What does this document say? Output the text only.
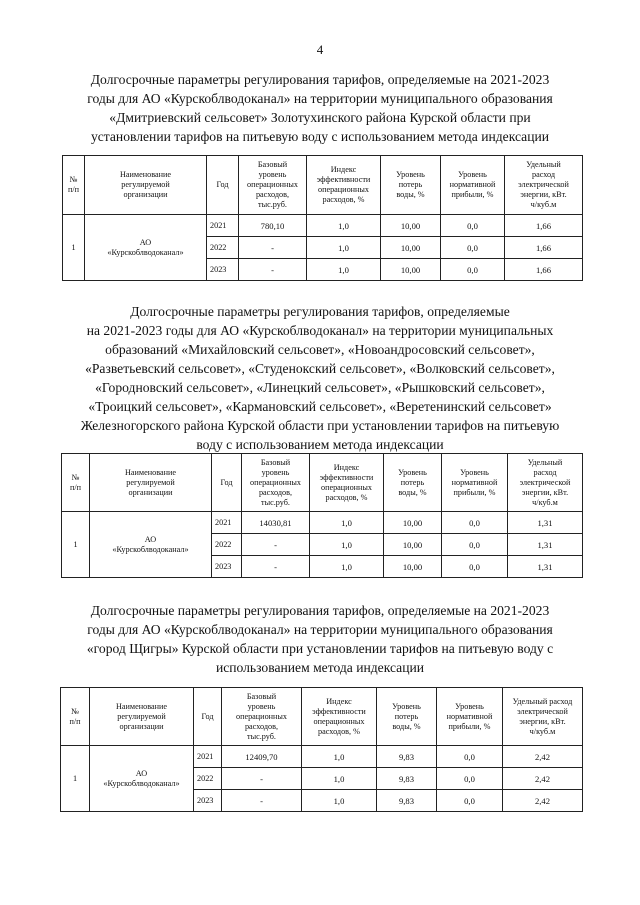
4
Долгосрочные параметры регулирования тарифов, определяемые на 2021-2023
годы для АО «Курскоблводоканал» на территории муниципального образования
«Дмитриевский сельсовет» Золотухинского района Курской области при
установлении тарифов на питьевую воду с использованием метода индексации
№
п/п	Наименование
регулируемой
организации	Год	Базовый
уровень
операционных
расходов,
тыс.руб.	Индекс
эффективности
операционных
расходов, %	Уровень
потерь
воды, %	Уровень
нормативной
прибыли, %	Удельный
расход
электрической
энергии, кВт.
ч/куб.м
1	АО
«Курскоблводоканал»	2021	780,10	1,0	10,00	0,0	1,66
		2022	-	1,0	10,00	0,0	1,66
		2023	-	1,0	10,00	0,0	1,66
Долгосрочные параметры регулирования тарифов, определяемые
на 2021-2023 годы для АО «Курскоблводоканал» на территории муниципальных
образований «Михайловский сельсовет», «Новоандросовский сельсовет»,
«Разветьевский сельсовет», «Студенокский сельсовет», «Волковский сельсовет»,
«Городновский сельсовет», «Линецкий сельсовет», «Рышковский сельсовет»,
«Троицкий сельсовет», «Кармановский сельсовет», «Веретенинский сельсовет»
Железногорского района Курской области при установлении тарифов на питьевую
воду с использованием метода индексации
№
п/п	Наименование
регулируемой
организации	Год	Базовый
уровень
операционных
расходов,
тыс.руб.	Индекс
эффективности
операционных
расходов, %	Уровень
потерь
воды, %	Уровень
нормативной
прибыли, %	Удельный
расход
электрической
энергии, кВт.
ч/куб.м
1	АО
«Курскоблводоканал»	2021	14030,81	1,0	10,00	0,0	1,31
		2022	-	1,0	10,00	0,0	1,31
		2023	-	1,0	10,00	0,0	1,31
Долгосрочные параметры регулирования тарифов, определяемые на 2021-2023
годы для АО «Курскоблводоканал» на территории муниципального образования
«город Щигры» Курской области при установлении тарифов на питьевую воду с
использованием метода индексации
№
п/п	Наименование
регулируемой
организации	Год	Базовый
уровень
операционных
расходов,
тыс.руб.	Индекс
эффективности
операционных
расходов, %	Уровень
потерь
воды, %	Уровень
нормативной
прибыли, %	Удельный расход
электрической
энергии, кВт.
ч/куб.м
1	АО
«Курскоблводоканал»	2021	12409,70	1,0	9,83	0,0	2,42
		2022	-	1,0	9,83	0,0	2,42
		2023	-	1,0	9,83	0,0	2,42
